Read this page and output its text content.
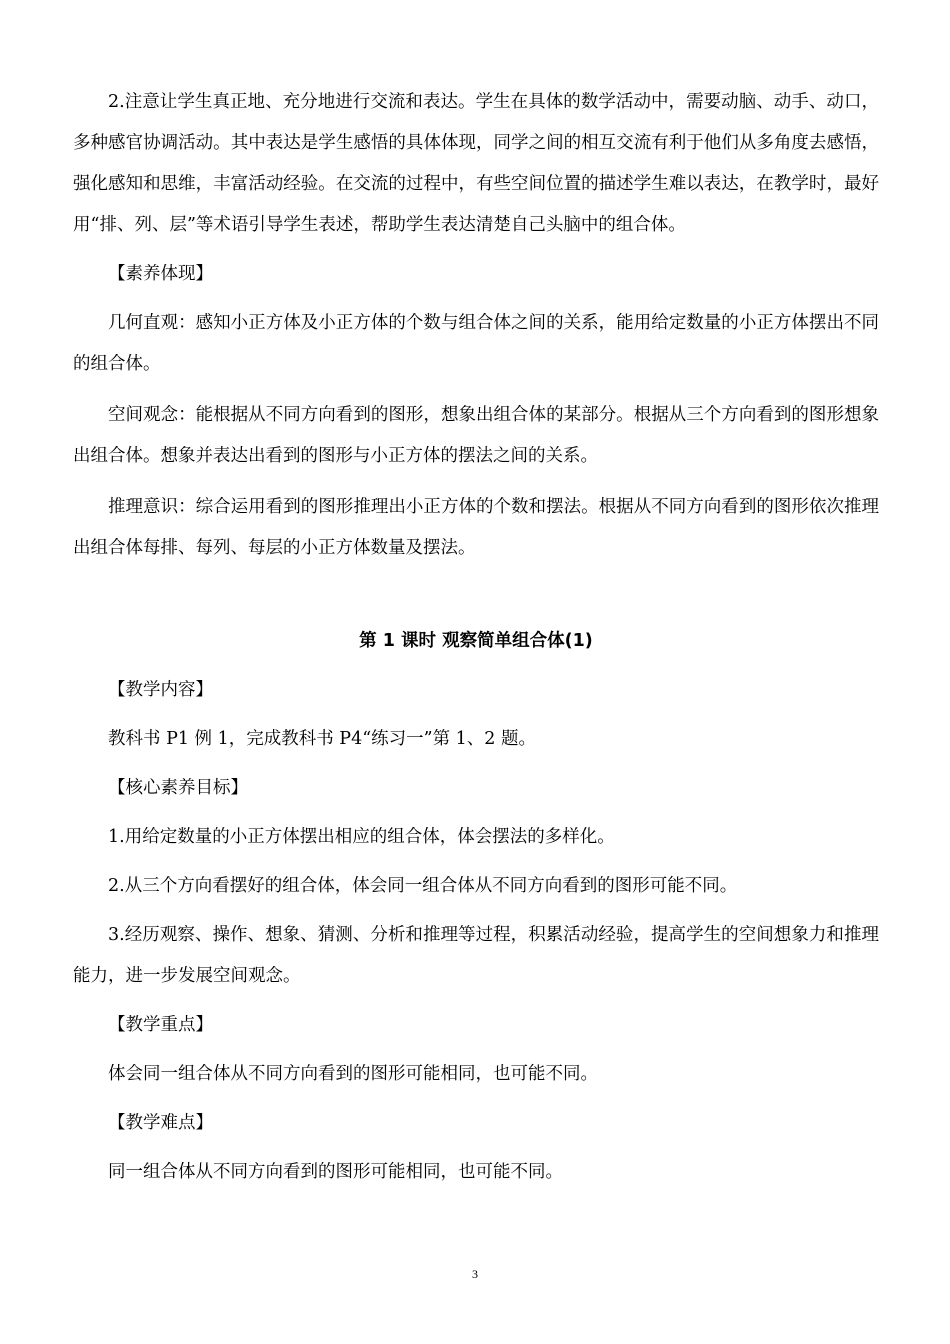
2.注意让学生真正地、充分地进行交流和表达。学生在具体的数学活动中，需要动脑、动手、动口，多种感官协调活动。其中表达是学生感悟的具体体现，同学之间的相互交流有利于他们从多角度去感悟，强化感知和思维，丰富活动经验。在交流的过程中，有些空间位置的描述学生难以表达，在教学时，最好用“排、列、层”等术语引导学生表述，帮助学生表达清楚自己头脑中的组合体。

【素养体现】

几何直观：感知小正方体及小正方体的个数与组合体之间的关系，能用给定数量的小正方体摆出不同的组合体。

空间观念：能根据从不同方向看到的图形，想象出组合体的某部分。根据从三个方向看到的图形想象出组合体。想象并表达出看到的图形与小正方体的摆法之间的关系。

推理意识：综合运用看到的图形推理出小正方体的个数和摆法。根据从不同方向看到的图形依次推理出组合体每排、每列、每层的小正方体数量及摆法。

第 1 课时 观察简单组合体(1)

【教学内容】

教科书 P1 例 1，完成教科书 P4“练习一”第 1、2 题。

【核心素养目标】

1.用给定数量的小正方体摆出相应的组合体，体会摆法的多样化。

2.从三个方向看摆好的组合体，体会同一组合体从不同方向看到的图形可能不同。

3.经历观察、操作、想象、猜测、分析和推理等过程，积累活动经验，提高学生的空间想象力和推理能力，进一步发展空间观念。

【教学重点】

体会同一组合体从不同方向看到的图形可能相同，也可能不同。

【教学难点】

同一组合体从不同方向看到的图形可能相同，也可能不同。

3
